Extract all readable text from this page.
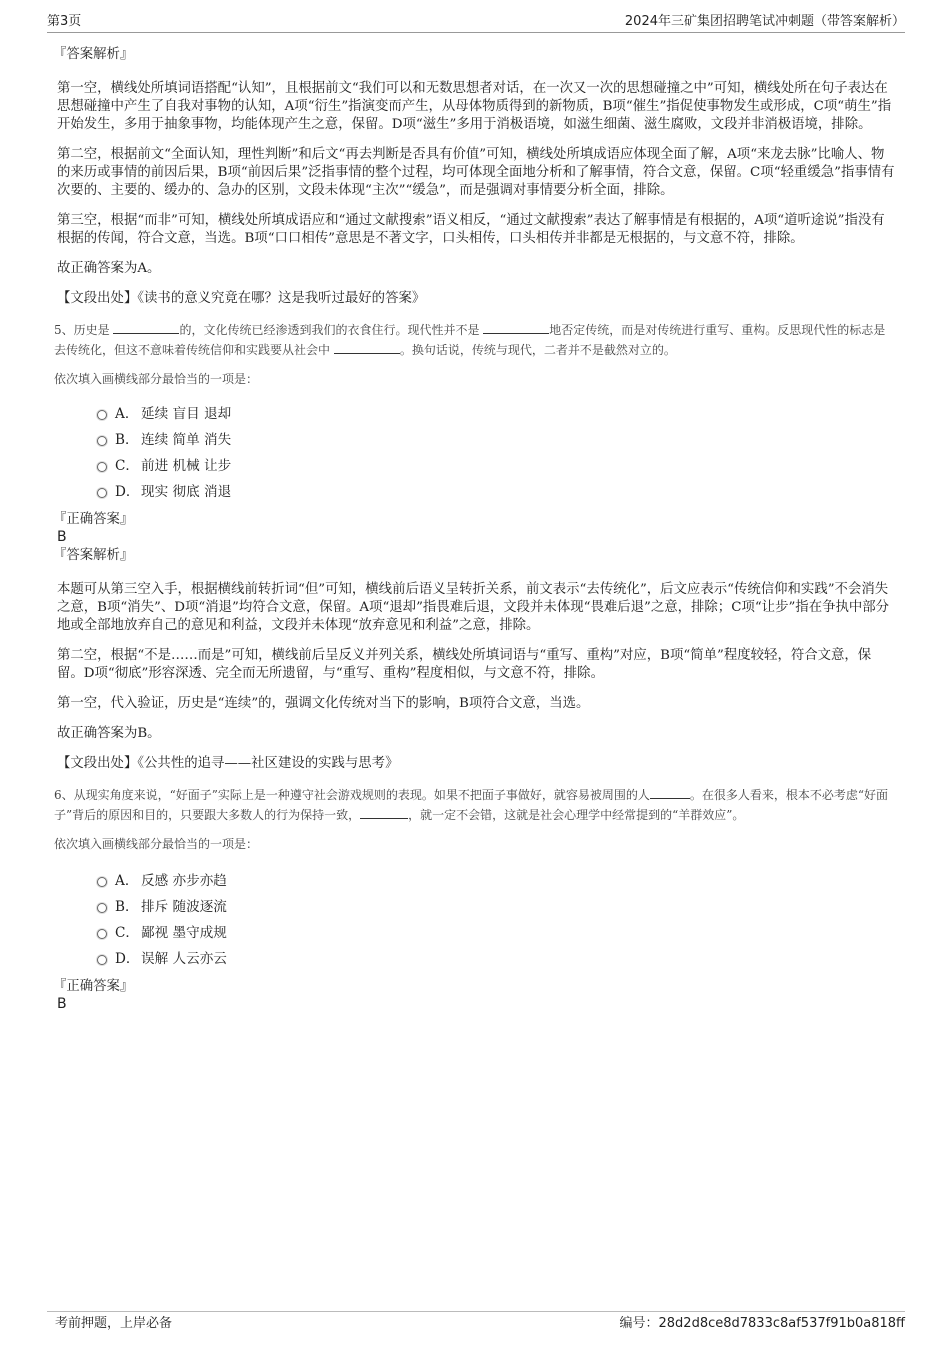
第3页	2024年三矿集团招聘笔试冲刺题（带答案解析）

『答案解析』

第一空，横线处所填词语搭配“认知”，且根据前文“我们可以和无数思想者对话，在一次又一次的思想碰撞之中”可知，横线处所在句子表达在思想碰撞中产生了自我对事物的认知，A项“衍生”指演变而产生，从母体物质得到的新物质，B项“催生”指促使事物发生或形成，C项“萌生”指开始发生，多用于抽象事物，均能体现产生之意，保留。D项“滋生”多用于消极语境，如滋生细菌、滋生腐败，文段并非消极语境，排除。

第二空，根据前文“全面认知，理性判断”和后文“再去判断是否具有价值”可知，横线处所填成语应体现全面了解，A项“来龙去脉”比喻人、物的来历或事情的前因后果，B项“前因后果”泛指事情的整个过程，均可体现全面地分析和了解事情，符合文意，保留。C项“轻重缓急”指事情有次要的、主要的、缓办的、急办的区别，文段未体现“主次”“缓急”，而是强调对事情要分析全面，排除。

第三空，根据“而非”可知，横线处所填成语应和“通过文献搜索”语义相反，“通过文献搜索”表达了解事情是有根据的，A项“道听途说”指没有根据的传闻，符合文意，当选。B项“口口相传”意思是不著文字，口头相传，口头相传并非都是无根据的，与文意不符，排除。

故正确答案为A。

【文段出处】《读书的意义究竟在哪？这是我听过最好的答案》

5、历史是	的，文化传统已经渗透到我们的衣食住行。现代性并不是	地否定传统，而是对传统进行重写、重构。反思现代性的标志是去传统化，但这不意味着传统信仰和实践要从社会中	。换句话说，传统与现代，二者并不是截然对立的。

依次填入画横线部分最恰当的一项是：

A． 延续 盲目 退却
B． 连续 简单 消失
C． 前进 机械 让步
D． 现实 彻底 消退

『正确答案』

B

『答案解析』

本题可从第三空入手，根据横线前转折词“但”可知，横线前后语义呈转折关系，前文表示“去传统化”，后文应表示“传统信仰和实践”不会消失之意，B项“消失”、D项“消退”均符合文意，保留。A项“退却”指畏难后退，文段并未体现“畏难后退”之意，排除；C项“让步”指在争执中部分地或全部地放弃自己的意见和利益，文段并未体现“放弃意见和利益”之意，排除。

第二空，根据“不是……而是”可知，横线前后呈反义并列关系，横线处所填词语与“重写、重构”对应，B项“简单”程度较轻，符合文意，保留。D项“彻底”形容深透、完全而无所遗留，与“重写、重构”程度相似，与文意不符，排除。

第一空，代入验证，历史是“连续”的，强调文化传统对当下的影响，B项符合文意，当选。

故正确答案为B。

【文段出处】《公共性的追寻——社区建设的实践与思考》

6、从现实角度来说，“好面子”实际上是一种遵守社会游戏规则的表现。如果不把面子事做好，就容易被周围的人	。在很多人看来，根本不必考虑“好面子”背后的原因和目的，只要跟大多数人的行为保持一致，	，就一定不会错，这就是社会心理学中经常提到的“羊群效应”。

依次填入画横线部分最恰当的一项是：

A． 反感 亦步亦趋
B． 排斥 随波逐流
C． 鄙视 墨守成规
D． 误解 人云亦云

『正确答案』

B

考前押题，上岸必备	编号：28d2d8ce8d7833c8af537f91b0a818ff
